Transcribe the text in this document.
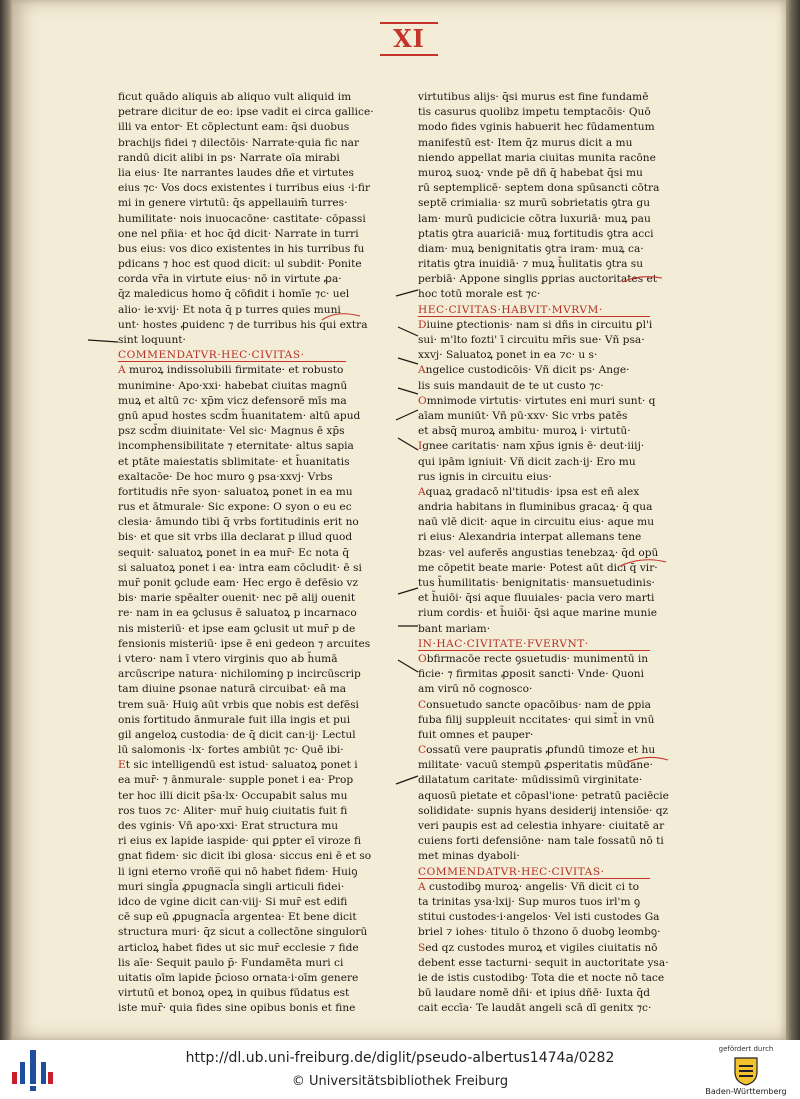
XI
ficut quādo aliquis ab aliquo vult aliquid im
petrare dicitur de eo: ipse vadit ei circa gallice·
illi va entor· Et cōplectunt eam: q̄si duobus
brachijs fidei ⁊ dilectōis· Narrate·quia fic nar
randū dicit alibi in ps· Narrate oīa mirabi
lia eius· Ite narrantes laudes dñe et virtutes
eius ⁊c· Vos docs existentes i turribus eius ·i·fir
mi in genere virtutū: q̄s appellauim̄ turres·
humilitate· nois inuocacōne· castitate· cōpassi
one nel pñia· et hoc q̄d dicit· Narrate in turri
bus eius: vos dico existentes in his turribus fu
pdicans ⁊ hoc est quod dicit: ul subdit· Ponite
corda vr̄a in virtute eius· nō in virtute ꝓa·
q̄z maledicus homo q̄ cōfidit i homīe ⁊c· uel
alio· ie·xvij· Et nota q̄ p turres quies muni
unt· hostes ꝓuidenc ⁊ de turribus his qui extra
sint loquunt·
COMMENDATVR·HEC·CIVITAS·
A muroꝝ indissolubili firmitate· et robusto
munimine· Apo·xxi· habebat ciuitas magnū
muꝝ et altū ⁊c· xp̄m vicz defensorē mīs ma
gnū apud hostes scd̄m h̄uanitatem· altū apud
psz scd̄m diuinitate· Vel sic· Magnus ē xp̄s
incomphensibilitate ⁊ eternitate· altus sapia
et ptāte maiestatis sblimitate· et h̄uanitatis
exaltacōe· De hoc muro ꝯ psa·xxvj· Vrbs
fortitudis nr̄e syon· saluatoꝝ ponet in ea mu
rus et ātmurale· Sic expone: O syon o eu ec
clesia· āmundo tibi q̄ vrbs fortitudinis erit no
bis· et que sit vrbs illa declarat p illud quod
sequit· saluatoꝝ ponet in ea mur̄· Ec nota q̄
si saluatoꝝ ponet i ea· intra eam cōcludit· ē si
mur̄ ponit ꝯclude eam· Hec ergo ē defēsio vz
bis· marie spēalter ouenit· nec pē alij ouenit
re· nam in ea ꝯclusus ē saluatoꝝ p incarnaco
nis misteriū· et ipse eam ꝯclusit ut mur̄ p de
fensionis misteriū· ipse ē eni gedeon ⁊ arcuites
i vtero· nam ī vtero virginis quo ab h̄umā
arcūscripe natura· nichilominꝯ p incircūscrip
tam diuine ꝑsonae naturā circuibat· eā ma
trem suā· Huiꝯ aūt vrbis que nobis est defēsi
onis fortitudo ānmurale fuit illa ingis et pui
gil angeloꝝ custodia· de q̄ dicit can·ij· Lectul
lū salomonis ·lx· fortes ambiūt ⁊c· Quē ibi·
Et sic intelligendū est istud· saluatoꝝ ponet i
ea mur̄· ⁊ ānmurale· supple ponet i ea· Prop
ter hoc illi dicit ps̄a·lx· Occupabit salus mu
ros tuos ⁊c· Aliter· mur̄ huiꝯ ciuitatis fuit fi
des vginis· Vñ apo·xxi· Erat structura mu
ri eius ex lapide iaspide· qui ꝑpter eī viroze fi
gnat fidem· sic dicit ibi glosa· siccus eni ē et so
li igni eterno vroñe̅ qui nō habet fidem· Huiꝯ
muri singl̄a ꝓpugnacl̄a singli articuli fidei·
idco de vgine dicit can·viij· Si mur̄ est edifi
cē sup eū ꝓpugnacl̄a argentea· Et bene dicit
structura muri· q̄z sicut a collectōne singulorū
articloꝝ habet fides ut sic mur̄ ecclesie ⁊ fide
lis aīe· Sequit paulo p̄· Fundamēta muri ci
uitatis oīm lapide p̄cioso ornata·i·oīm genere
virtutū et bonoꝝ opeꝝ in quibus fūdatus est
iste mur̄· quia fides sine opibus bonis et fine
virtutibus alijs· q̄si murus est fine fundamē
tis casurus quolibz impetu temptacōis· Quō
modo fides vginis habuerit hec fūdamentum
manifestū est· Item q̄z murus dicit a mu
niendo appellat maria ciuitas munita racōne
muroꝝ suoꝝ· vnde pē dñ q̄ habebat q̄si mu
rū septemplicē· septem dona spūsancti cōtra
septē crimialia· sz murū sobrietatis ꝯtra gu
lam· murū pudicicie cōtra luxuriā· muꝝ pau
ptatis ꝯtra auariciā· muꝝ fortitudis ꝯtra acci
diam· muꝝ benignitatis ꝯtra iram· muꝝ ca·
ritatis ꝯtra inuidiā· ⁊ muꝝ h̄ulitatis ꝯtra su
perbiā· Appone singlis ꝑprias auctoritates et
hoc totū morale est ⁊c·
HEC·CIVITAS·HABVIT·MVRVM·
Diuine ꝑtectionis· nam si dñs in circuitu ꝑl'i
sui· m'lto fozti' ī circuitu mr̄is sue· Vñ psa·
xxvj· Saluatoꝝ ponet in ea ⁊c· u s·
Angelice custodicōis· Vñ dicit ps· Ange·
lis suis mandauit de te ut custo ⁊c·
Omnimode virtutis· virtutes eni muri sunt· q
aīam muniūt· Vñ pū·xxv· Sic vrbs patēs
et absq̄ muroꝝ ambitu· muroꝝ i· virtutū·
Ignee caritatis· nam xp̄us ignis ē· deut·iiij·
qui ipām igniuit· Vñ dicit zach·ij· Ero mu
rus ignis in circuitu eius·
Aquaꝝ gradacō nl'titudis· ipsa est eñ alex
andria habitans in fluminibus gracaꝝ· q̄ qua
naū vlē dicit· aque in circuitu eius· aque mu
ri eius· Alexandria interpat allemans tene
bzas· vel auferēs angustias tenebzaꝝ· q̄d opū
me cōpetit beate marie· Potest aūt dici q̄ vir·
tus h̄umilitatis· benignitatis· mansuetudinis·
et h̄uiōi· q̄si aque fluuiales· pacia vero marti
rium cordis· et h̄uiōi· q̄si aque marine munie
bant mariam·
IN·HAC·CIVITATE·FVERVNT·
Obfirmacōe recte ꝯsuetudis· munimentū in
ficie· ⁊ firmitas ꝓposit sancti· Vnde· Quoni
am virū nō cognosco·
Consuetudo sancte opacōibus· nam de ꝑpia
fuba filij suppleuit nccitates· qui simt̄ in vnū
fuit omnes et pauper·
Cossatū vere paupratis ꝓfundū timoze et hu
militate· vacuū stempū ꝓsperitatis mūdane·
dilatatum caritate· mūdissimū virginitate·
aquosū pietate et cōpasl'ione· petratū paciēcie
solididate· supnis hyans desiderij intensiōe· qz
veri paupis est ad celestia inhyare· ciuitatē ar
cuiens forti defensiōne· nam tale fossatū nō ti
met minas dyaboli·
COMMENDATVR·HEC·CIVITAS·
A custodibꝯ muroꝝ· angelis· Vñ dicit ci to
ta trinitas ysa·lxij· Sup muros tuos irl'm ꝯ
stitui custodes·i·angelos· Vel isti custodes Ga
briel ⁊ iohes· titulo ō thzono ō duobꝯ leombꝯ·
Sed qz custodes muroꝝ et vigiles ciuitatis nō
debent esse tacturni· sequit in auctoritate ysa·
ie de istis custodibꝯ· Tota die et nocte nō tace
bū laudare nomē dñi· et ipius dñē· Iuxta q̄d
cait eccīa· Te laudāt angeli scā dī genitx ⁊c·
http://dl.ub.uni-freiburg.de/diglit/pseudo-albertus1474a/0282
© Universitätsbibliothek Freiburg
gefördert durch
Baden-Württemberg
